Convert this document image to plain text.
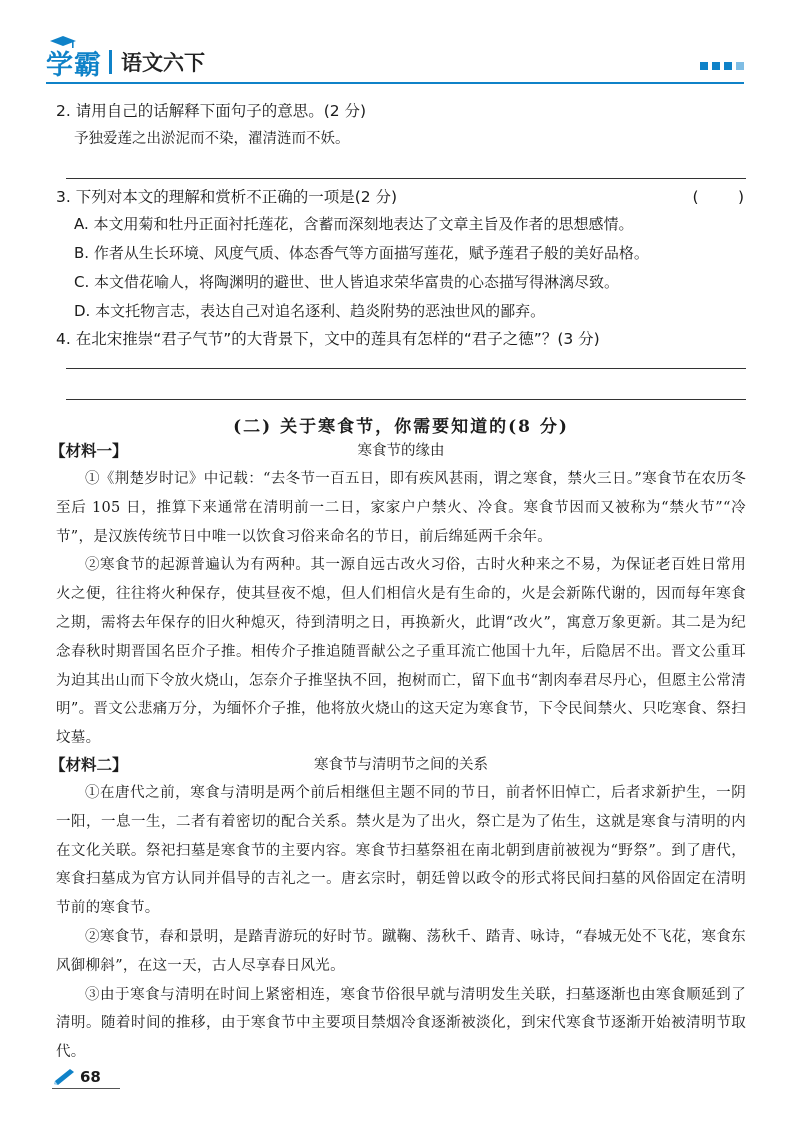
学霸 语文六下
2. 请用自己的话解释下面句子的意思。(2 分)
予独爱莲之出淤泥而不染，濯清涟而不妖。
3. 下列对本文的理解和赏析不正确的一项是(2 分)	(        )
A. 本文用菊和牡丹正面衬托莲花，含蓄而深刻地表达了文章主旨及作者的思想感情。
B. 作者从生长环境、风度气质、体态香气等方面描写莲花，赋予莲君子般的美好品格。
C. 本文借花喻人，将陶渊明的避世、世人皆追求荣华富贵的心态描写得淋漓尽致。
D. 本文托物言志，表达自己对追名逐利、趋炎附势的恶浊世风的鄙弃。
4. 在北宋推崇“君子气节”的大背景下，文中的莲具有怎样的“君子之德”？(3 分)
(二) 关于寒食节，你需要知道的(8 分)
【材料一】	寒食节的缘由

①《荆楚岁时记》中记载：“去冬节一百五日，即有疾风甚雨，谓之寒食，禁火三日。”寒食节在农历冬至后 105 日，推算下来通常在清明前一二日，家家户户禁火、冷食。寒食节因而又被称为“禁火节”“冷节”，是汉族传统节日中唯一以饮食习俗来命名的节日，前后绵延两千余年。

②寒食节的起源普遍认为有两种。其一源自远古改火习俗，古时火种来之不易，为保证老百姓日常用火之便，往往将火种保存，使其昼夜不熄，但人们相信火是有生命的，火是会新陈代谢的，因而每年寒食之期，需将去年保存的旧火种熄灭，待到清明之日，再换新火，此谓“改火”，寓意万象更新。其二是为纪念春秋时期晋国名臣介子推。相传介子推追随晋献公之子重耳流亡他国十九年，后隐居不出。晋文公重耳为迫其出山而下令放火烧山，怎奈介子推坚执不回，抱树而亡，留下血书“割肉奉君尽丹心，但愿主公常清明”。晋文公悲痛万分，为缅怀介子推，他将放火烧山的这天定为寒食节，下令民间禁火、只吃寒食、祭扫坟墓。

【材料二】	寒食节与清明节之间的关系

①在唐代之前，寒食与清明是两个前后相继但主题不同的节日，前者怀旧悼亡，后者求新护生，一阴一阳，一息一生，二者有着密切的配合关系。禁火是为了出火，祭亡是为了佑生，这就是寒食与清明的内在文化关联。祭祀扫墓是寒食节的主要内容。寒食节扫墓祭祖在南北朝到唐前被视为“野祭”。到了唐代，寒食扫墓成为官方认同并倡导的吉礼之一。唐玄宗时，朝廷曾以政令的形式将民间扫墓的风俗固定在清明节前的寒食节。

②寒食节，春和景明，是踏青游玩的好时节。蹴鞠、荡秋千、踏青、咏诗，“春城无处不飞花，寒食东风御柳斜”，在这一天，古人尽享春日风光。

③由于寒食与清明在时间上紧密相连，寒食节俗很早就与清明发生关联，扫墓逐渐也由寒食顺延到了清明。随着时间的推移，由于寒食节中主要项目禁烟冷食逐渐被淡化，到宋代寒食节逐渐开始被清明节取代。

68
